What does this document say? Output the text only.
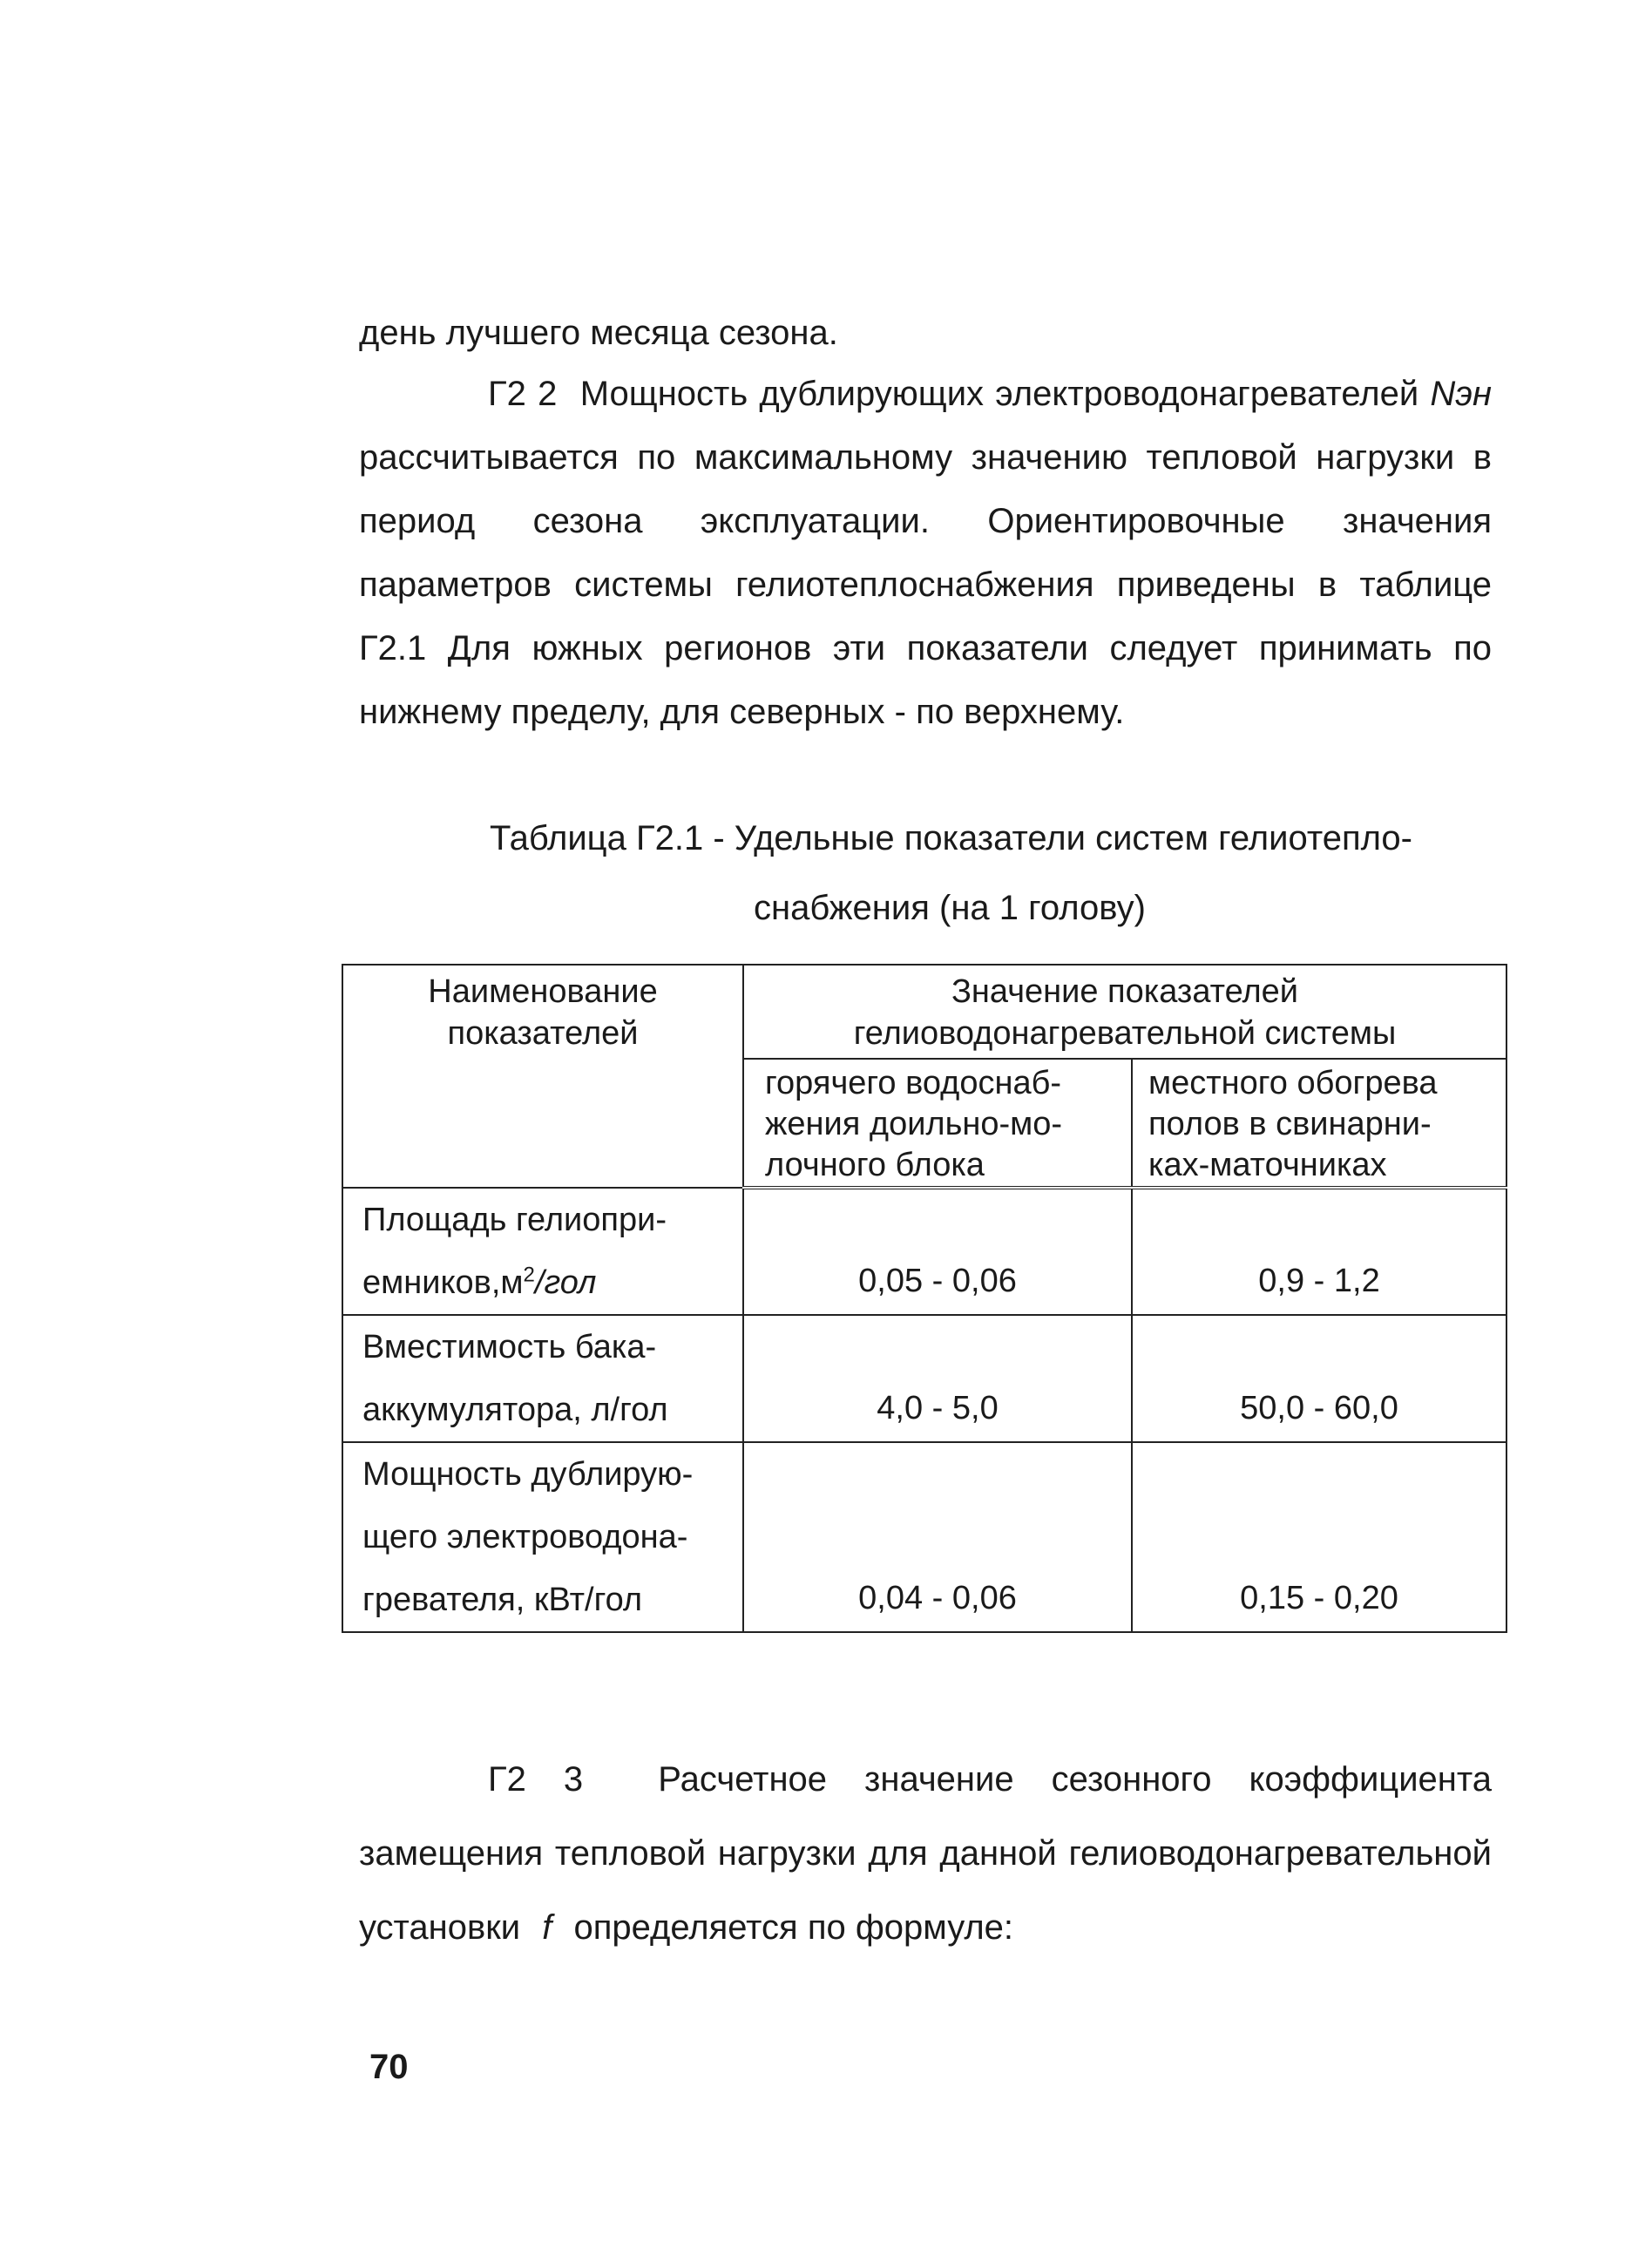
день лучшего месяца сезона.

Г2 2 Мощность дублирующих электроводонагревателей Nэн рассчитывается по максимальному значению тепловой нагрузки в период сезона эксплуатации. Ориентировочные значения параметров системы гелиотеплоснабжения приведены в таблице Г2.1 Для южных регионов эти показатели следует принимать по нижнему пределу, для северных - по верхнему.

Таблица Г2.1 - Удельные показатели систем гелиотепло-
снабжения (на 1 голову)
Наименование показателей	Значение показателей гелиоводонагревательной системы	
	горячего водоснаб-жения доильно-мо-лочного блока	местного обогрева полов в свинарни-ках-маточниках
Площадь гелиопри-$емников,м^2$/гол	0,05 - 0,06	0,9 - 1,2
Вместимость бака-аккумулятора, л/гол	4,0 - 5,0	50,0 - 60,0
Мощность дублирую-щего электроводона-гревателя, кВт/гол	0,04 - 0,06	0,15 - 0,20

Г2 3 Расчетное значение сезонного коэффициента замещения тепловой нагрузки для данной гелиоводонагревательной установки f определяется по формуле:

70
